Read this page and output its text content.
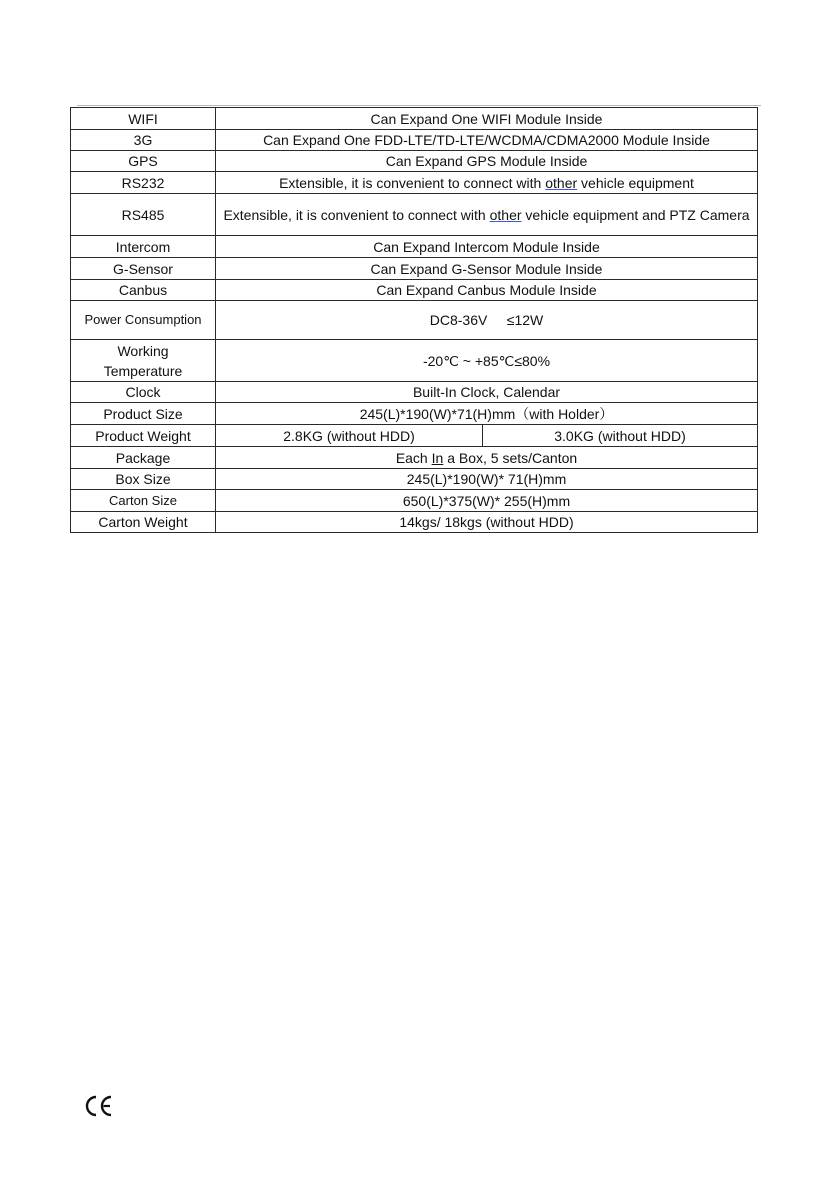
WIFI	Can Expand One WIFI Module Inside	
3G	Can Expand One FDD-LTE/TD-LTE/WCDMA/CDMA2000 Module Inside	
GPS	Can Expand GPS Module Inside	
RS232	Extensible, it is convenient to connect with other vehicle equipment	
RS485	Extensible, it is convenient to connect with other vehicle equipment and PTZ Camera	
Intercom	Can Expand Intercom Module Inside	
G-Sensor	Can Expand G-Sensor Module Inside	
Canbus	Can Expand Canbus Module Inside	
Power Consumption	DC8-36V     ≤12W	
Working Temperature	-20℃ ~ +85℃≤80%	
Clock	Built-In Clock, Calendar	
Product Size	245(L)*190(W)*71(H)mm（with Holder）	
Product Weight	2.8KG (without HDD)	3.0KG (without HDD)
Package	Each In a Box, 5 sets/Canton	
Box Size	245(L)*190(W)* 71(H)mm	
Carton Size	650(L)*375(W)* 255(H)mm	
Carton Weight	14kgs/ 18kgs (without HDD)	
